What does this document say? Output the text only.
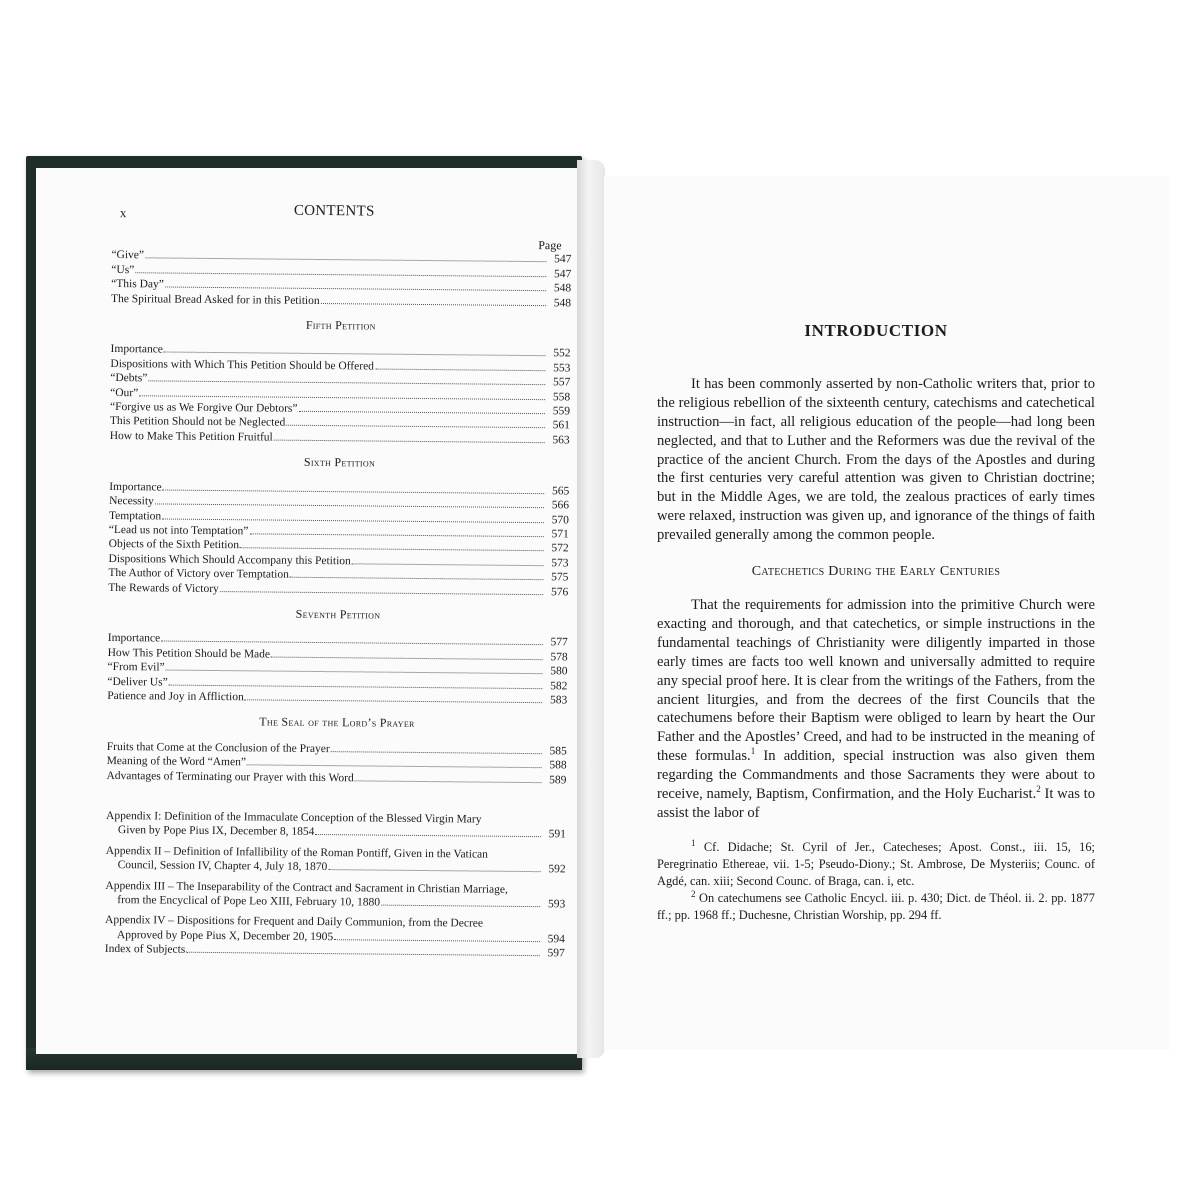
x	CONTENTS
Page
“Give”	547
“Us”	547
“This Day”	548
The Spiritual Bread Asked for in this Petition	548
Fifth Petition
Importance	552
Dispositions with Which This Petition Should be Offered	553
“Debts”	557
“Our”	558
“Forgive us as We Forgive Our Debtors”	559
This Petition Should not be Neglected	561
How to Make This Petition Fruitful	563
Sixth Petition
Importance	565
Necessity	566
Temptation	570
“Lead us not into Temptation”	571
Objects of the Sixth Petition	572
Dispositions Which Should Accompany this Petition	573
The Author of Victory over Temptation	575
The Rewards of Victory	576
Seventh Petition
Importance	577
How This Petition Should be Made	578
“From Evil”	580
“Deliver Us”	582
Patience and Joy in Affliction	583
The Seal of the Lord’s Prayer
Fruits that Come at the Conclusion of the Prayer	585
Meaning of the Word “Amen”	588
Advantages of Terminating our Prayer with this Word	589
Appendix I: Definition of the Immaculate Conception of the Blessed Virgin Mary
Given by Pope Pius IX, December 8, 1854	591
Appendix II – Definition of Infallibility of the Roman Pontiff, Given in the Vatican
Council, Session IV, Chapter 4, July 18, 1870	592
Appendix III – The Inseparability of the Contract and Sacrament in Christian Marriage,
from the Encyclical of Pope Leo XIII, February 10, 1880	593
Appendix IV – Dispositions for Frequent and Daily Communion, from the Decree
Approved by Pope Pius X, December 20, 1905	594
Index of Subjects	597
INTRODUCTION

It has been commonly asserted by non-Catholic writers that, prior to the religious rebellion of the sixteenth century, catechisms and catechetical instruction—in fact, all religious education of the people—had long been neglected, and that to Luther and the Reformers was due the revival of the practice of the ancient Church. From the days of the Apostles and during the first centuries very careful attention was given to Christian doctrine; but in the Middle Ages, we are told, the zealous practices of early times were relaxed, instruction was given up, and ignorance of the things of faith prevailed generally among the common people.

Catechetics During the Early Centuries

That the requirements for admission into the primitive Church were exacting and thorough, and that catechetics, or simple instructions in the fundamental teachings of Christianity were diligently imparted in those early times are facts too well known and universally admitted to require any special proof here. It is clear from the writings of the Fathers, from the ancient liturgies, and from the decrees of the first Councils that the catechumens before their Baptism were obliged to learn by heart the Our Father and the Apostles’ Creed, and had to be instructed in the meaning of these formulas.$^1$ In addition, special instruction was also given them regarding the Commandments and those Sacraments they were about to receive, namely, Baptism, Confirmation, and the Holy Eucharist.$^2$ It was to assist the labor of

$^1$ Cf. Didache; St. Cyril of Jer., Catecheses; Apost. Const., iii. 15, 16; Peregrinatio Ethereae, vii. 1-5; Pseudo-Diony.; St. Ambrose, De Mysteriis; Counc. of Agdé, can. xiii; Second Counc. of Braga, can. i, etc.

$^2$ On catechumens see Catholic Encycl. iii. p. 430; Dict. de Théol. ii. 2. pp. 1877 ff.; pp. 1968 ff.; Duchesne, Christian Worship, pp. 294 ff.
